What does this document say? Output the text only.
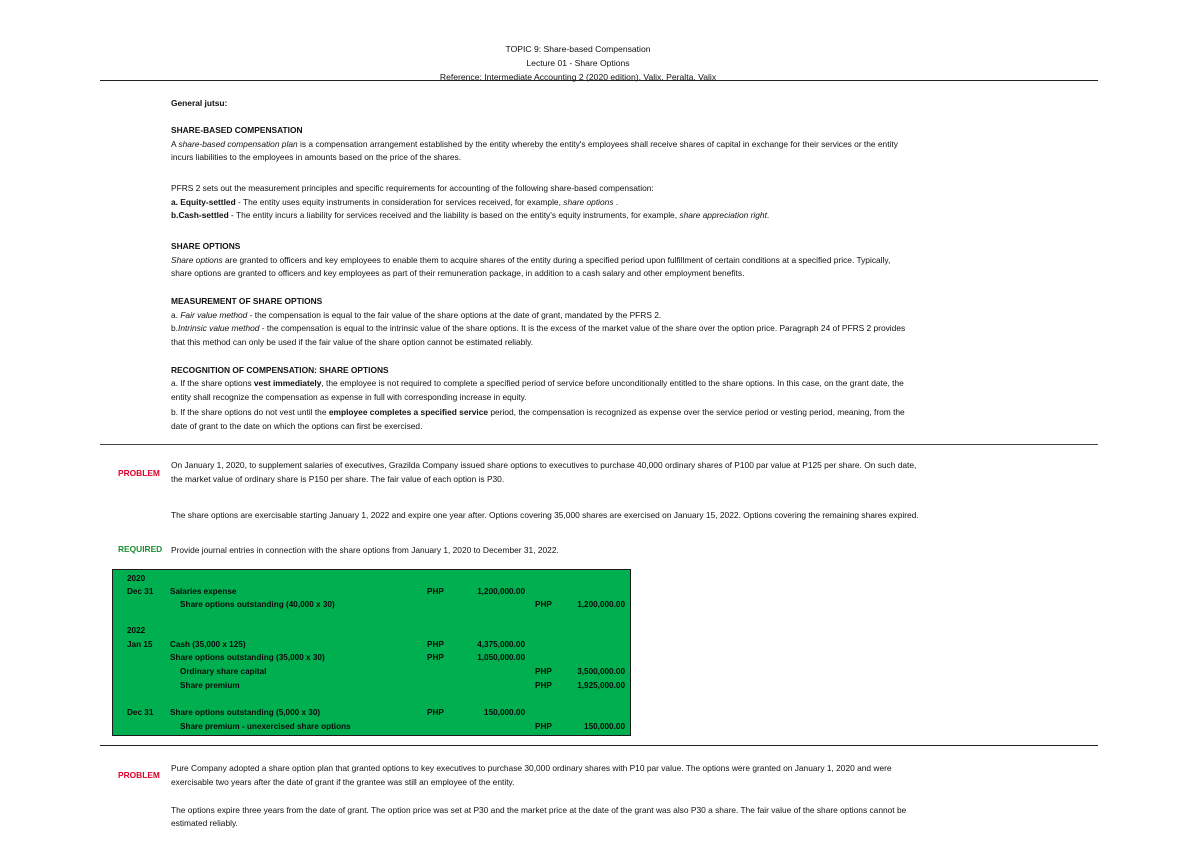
TOPIC 9: Share-based Compensation
Lecture 01 - Share Options
Reference: Intermediate Accounting 2 (2020 edition), Valix, Peralta, Valix
General jutsu:
SHARE-BASED COMPENSATION
A share-based compensation plan is a compensation arrangement established by the entity whereby the entity's employees shall receive shares of capital in exchange for their services or the entity
incurs liabilities to the employees in amounts based on the price of the shares.
PFRS 2 sets out the measurement principles and specific requirements for accounting of the following share-based compensation:
a. Equity-settled - The entity uses equity instruments in consideration for services received, for example, share options .
b.Cash-settled - The entity incurs a liability for services received and the liability is based on the entity's equity instruments, for example, share appreciation right.
SHARE OPTIONS
Share options are granted to officers and key employees to enable them to acquire shares of the entity during a specified period upon fulfillment of certain conditions at a specified price. Typically,
share options are granted to officers and key employees as part of their remuneration package, in addition to a cash salary and other employment benefits.
MEASUREMENT OF SHARE OPTIONS
a. Fair value method - the compensation is equal to the fair value of the share options at the date of grant, mandated by the PFRS 2.
b.Intrinsic value method - the compensation is equal to the intrinsic value of the share options. It is the excess of the market value of the share over the option price. Paragraph 24 of PFRS 2 provides
that this method can only be used if the fair value of the share option cannot be estimated reliably.
RECOGNITION OF COMPENSATION: SHARE OPTIONS
a. If the share options vest immediately, the employee is not required to complete a specified period of service before unconditionally entitled to the share options. In this case, on the grant date, the
entity shall recognize the compensation as expense in full with corresponding increase in equity.
b. If the share options do not vest until the employee completes a specified service period, the compensation is recognized as expense over the service period or vesting period, meaning, from the
date of grant to the date on which the options can first be exercised.
PROBLEM
On January 1, 2020, to supplement salaries of executives, Grazilda Company issued share options to executives to purchase 40,000 ordinary shares of P100 par value at P125 per share. On such date,
the market value of ordinary share is P150 per share. The fair value of each option is P30.
The share options are exercisable starting January 1, 2022 and expire one year after. Options covering 35,000 shares are exercised on January 15, 2022. Options covering the remaining shares expired.
REQUIRED Provide journal entries in connection with the share options from January 1, 2020 to December 31, 2022.
2020
Dec 31 Salaries expense	PHP	1,200,000.00
Share options outstanding (40,000 x 30)	PHP	1,200,000.00
2022
Jan 15 Cash (35,000 x 125)	PHP	4,375,000.00
Share options outstanding (35,000 x 30)	PHP	1,050,000.00
Ordinary share capital	PHP	3,500,000.00
Share premium	PHP	1,925,000.00
Dec 31 Share options outstanding (5,000 x 30)	PHP	150,000.00
Share premium - unexercised share options	PHP	150,000.00
PROBLEM
Pure Company adopted a share option plan that granted options to key executives to purchase 30,000 ordinary shares with P10 par value. The options were granted on January 1, 2020 and were
exercisable two years after the date of grant if the grantee was still an employee of the entity.
The options expire three years from the date of grant. The option price was set at P30 and the market price at the date of the grant was also P30 a share. The fair value of the share options cannot be
estimated reliably.
